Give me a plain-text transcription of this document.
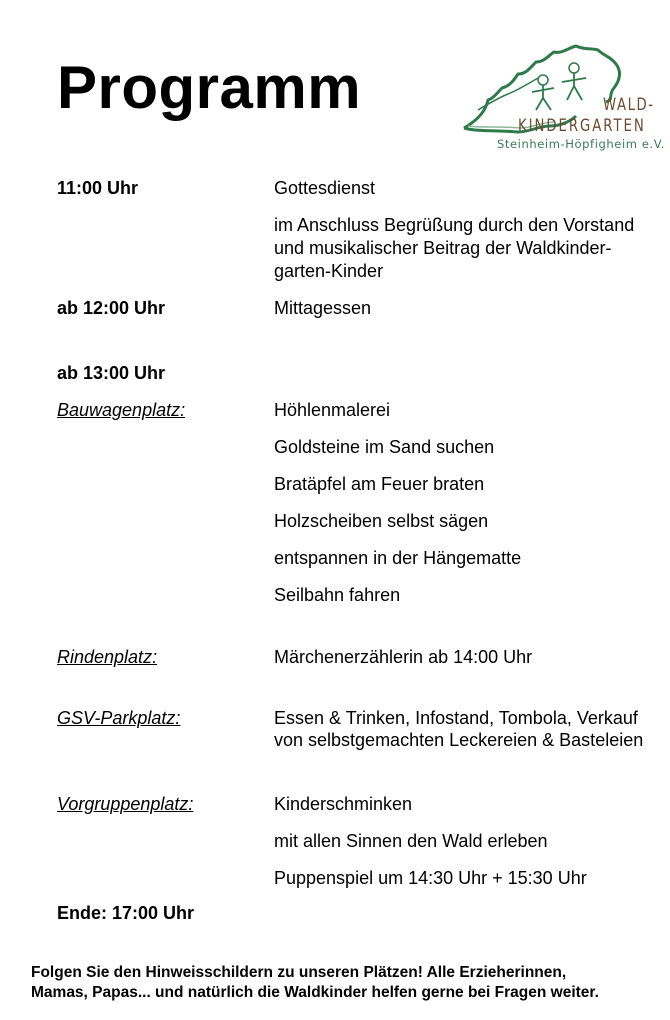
Programm	WALD-
KINDERGARTEN
Steinheim-Höpfigheim e.V.
11:00 Uhr	Gottesdienst
im Anschluss Begrüßung durch den Vorstand
und musikalischer Beitrag der Waldkinder-
garten-Kinder
ab 12:00 Uhr	Mittagessen
ab 13:00 Uhr
Bauwagenplatz:	Höhlenmalerei
Goldsteine im Sand suchen
Bratäpfel am Feuer braten
Holzscheiben selbst sägen
entspannen in der Hängematte
Seilbahn fahren
Rindenplatz:	Märchenerzählerin ab 14:00 Uhr
GSV-Parkplatz:	Essen & Trinken, Infostand, Tombola, Verkauf
von selbstgemachten Leckereien & Basteleien
Vorgruppenplatz:	Kinderschminken
mit allen Sinnen den Wald erleben
Puppenspiel um 14:30 Uhr + 15:30 Uhr
Ende: 17:00 Uhr
Folgen Sie den Hinweisschildern zu unseren Plätzen! Alle Erzieherinnen,
Mamas, Papas... und natürlich die Waldkinder helfen gerne bei Fragen weiter.
